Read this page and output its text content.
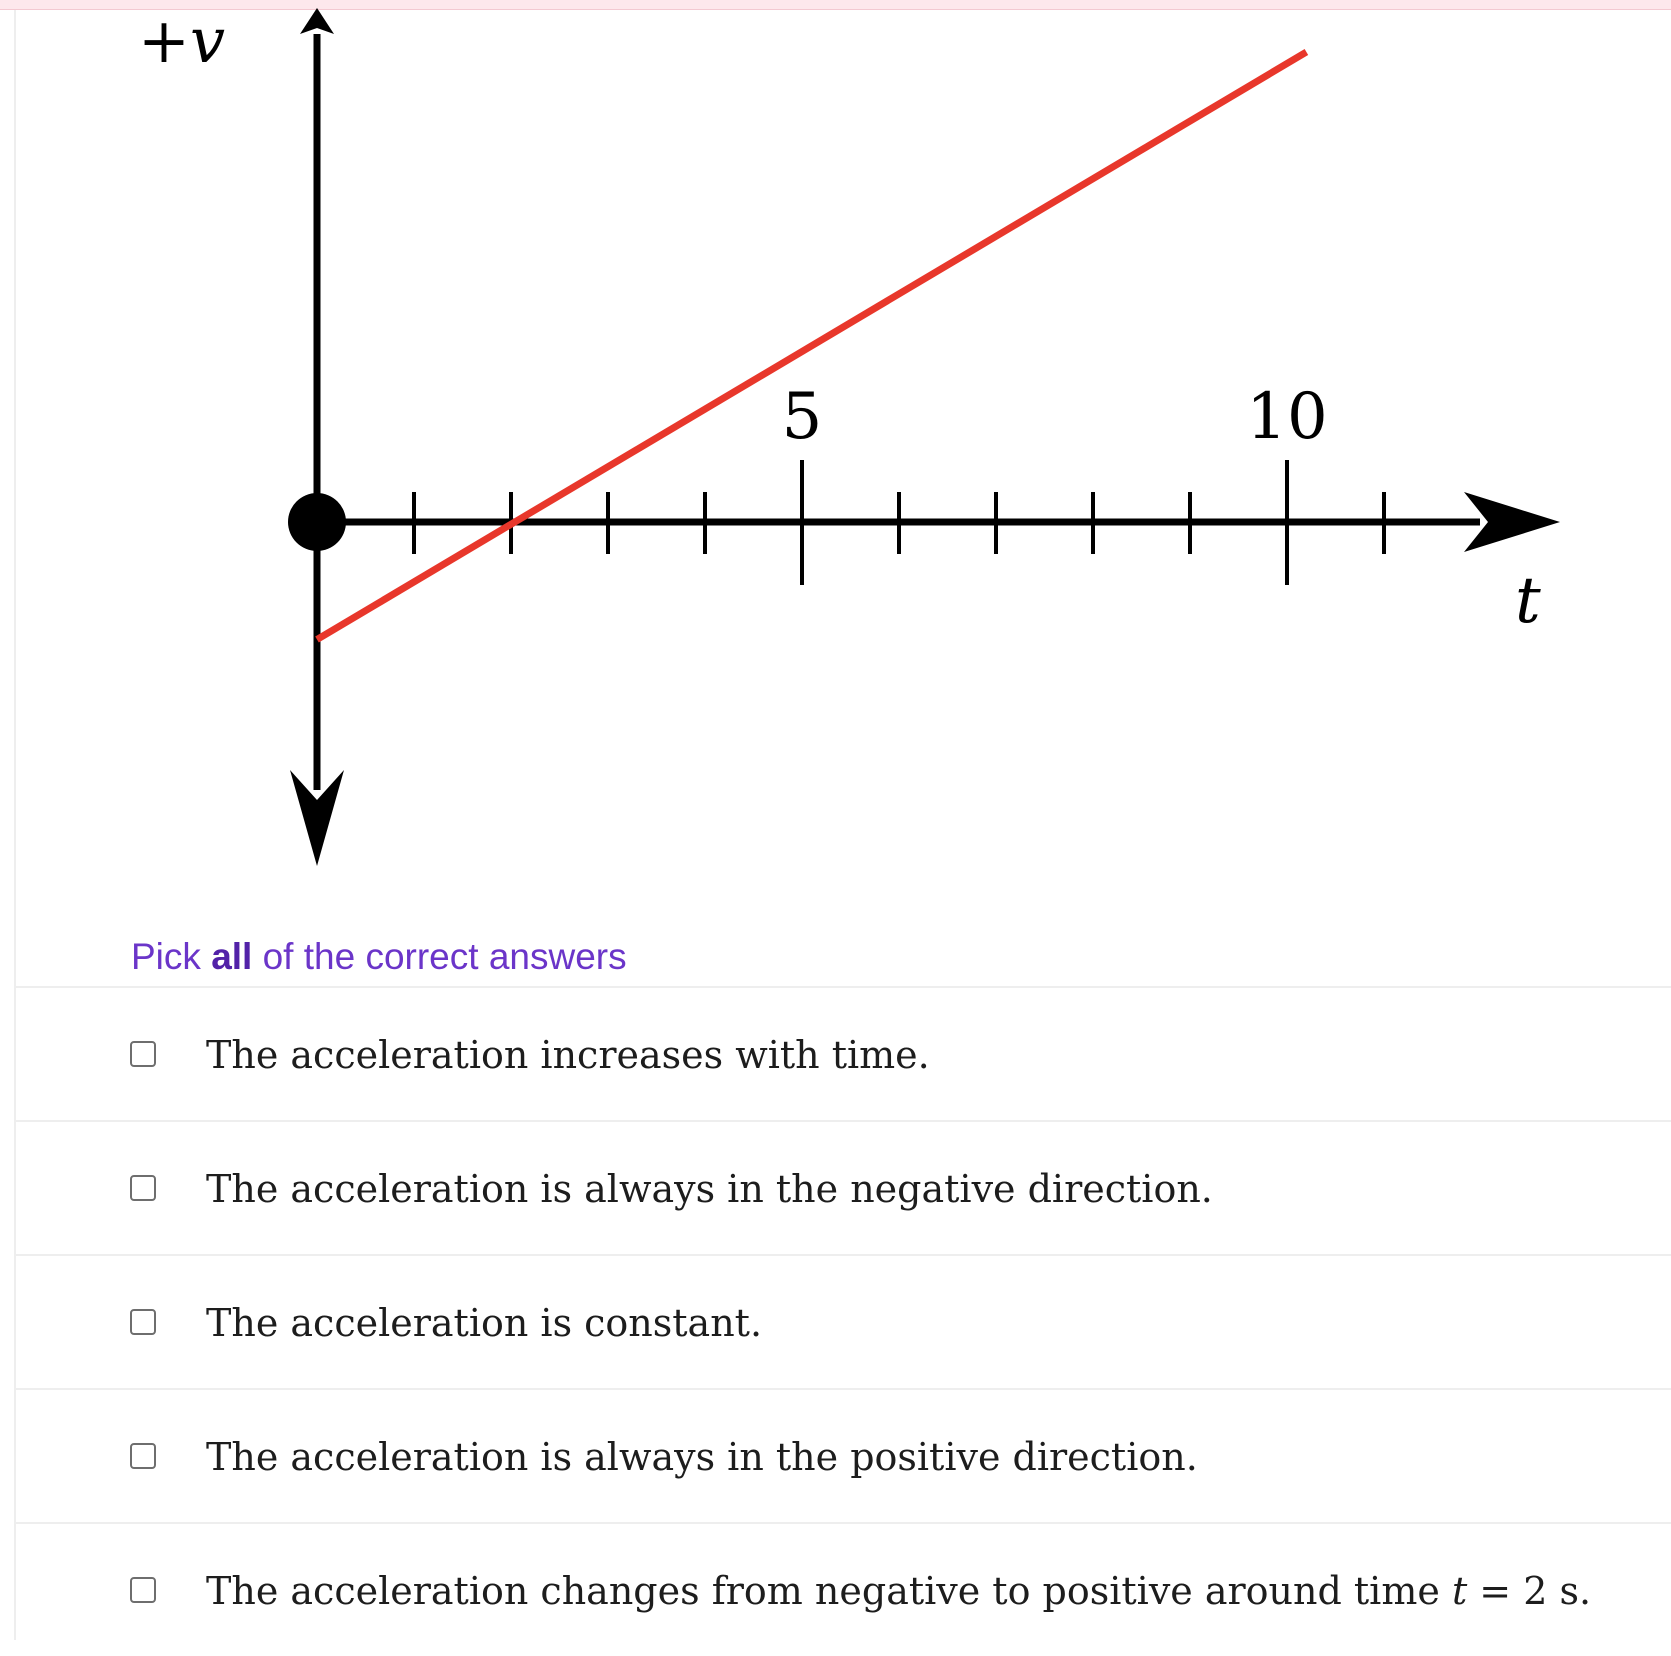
5	10
+v
t
Pick all of the correct answers
The acceleration increases with time.
The acceleration is always in the negative direction.
The acceleration is constant.
The acceleration is always in the positive direction.
The acceleration changes from negative to positive around time t = 2 s.
